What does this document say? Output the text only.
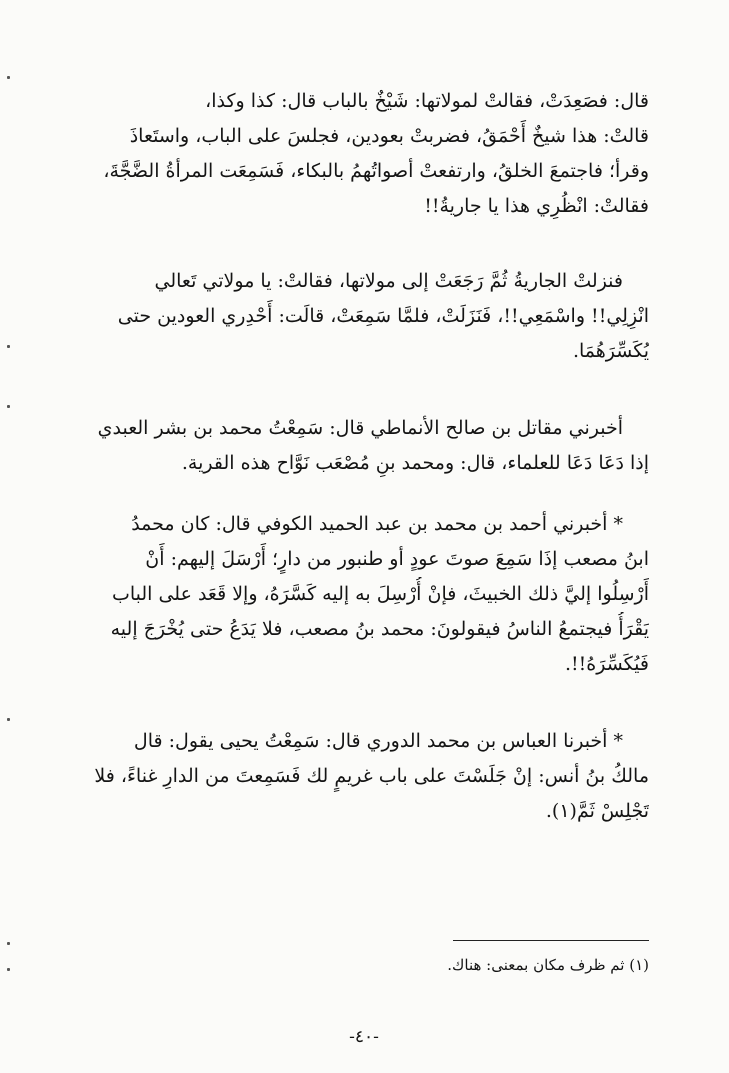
قال: فصَعِدَتْ، فقالتْ لمولاتها: شَيْخٌ بالباب قال: كذا وكذا،

قالتْ: هذا شيخٌ أَحْمَقُ، فضربتْ بعودين، فجلسَ على الباب، واستَعاذَ

وقرأ؛ فاجتمعَ الخلقُ، وارتفعتْ أصواتُهمُ بالبكاء، فَسَمِعَت المرأةُ الضَّجَّةَ،

فقالتْ: انْظُرِي هذا يا جاريةُ!!

فنزلتْ الجاريةُ ثُمَّ رَجَعَتْ إلى مولاتها، فقالتْ: يا مولاتي تَعالي

انْزِلِي!! واسْمَعِي!!، فَنَزَلَتْ، فلمَّا سَمِعَتْ، قالَت: أَحْدِري العودين حتى

يُكَسِّرَهُمَا.

أخبرني مقاتل بن صالح الأنماطي قال: سَمِعْتُ محمد بن بشر العبدي

إذا دَعَا دَعَا للعلماء، قال: ومحمد بنِ مُصْعَب نَوَّاح هذه القرية.

* أخبرني أحمد بن محمد بن عبد الحميد الكوفي قال: كان محمدُ

ابنُ مصعب إذَا سَمِعَ صوتَ عودٍ أو طنبور من دارٍ؛ أَرْسَلَ إليهم: أَنْ

أَرْسِلُوا إليَّ ذلك الخبيثَ، فإنْ أُرْسِلَ به إليه كَسَّرَهُ، وإلا قَعَد على الباب

يَقْرَأُ فيجتمعُ الناسُ فيقولونَ: محمد بنُ مصعب، فلا يَدَعُ حتى يُخْرَجَ إليه

فَيُكَسِّرَهُ!!.

* أخبرنا العباس بن محمد الدوري قال: سَمِعْتُ يحيى يقول: قال

مالكُ بنُ أنس: إنْ جَلَسْتَ على باب غريمٍ لك فَسَمِعتَ من الدارِ غناءً، فلا

تَجْلِسْ ثَمَّ(١).

(١) ثم ظرف مكان بمعنى: هناك.
-٤٠-
